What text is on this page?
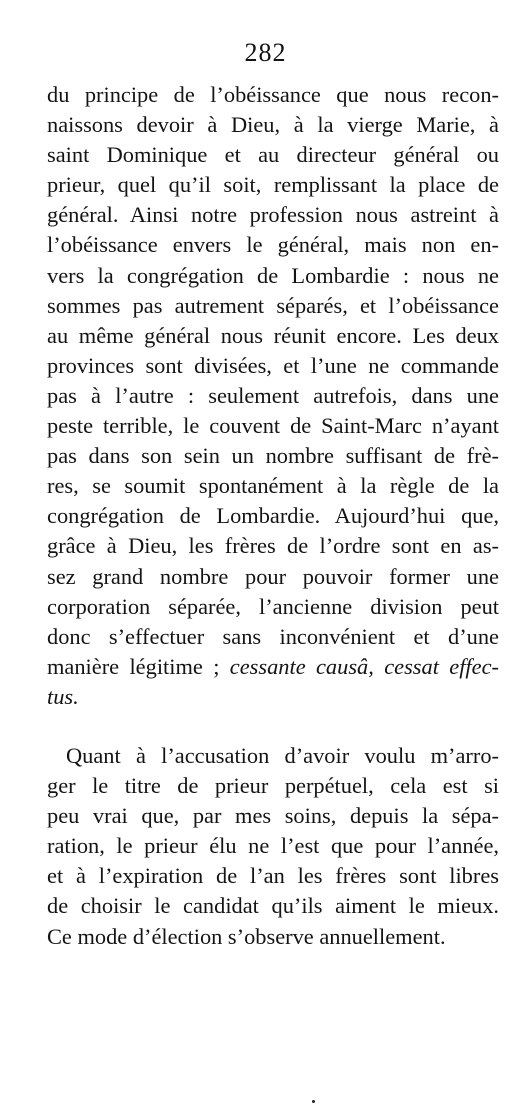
282
du principe de l’obéissance que nous recon-
naissons devoir à Dieu, à la vierge Marie, à
saint Dominique et au directeur général ou
prieur, quel qu’il soit, remplissant la place de
général. Ainsi notre profession nous astreint à
l’obéissance envers le général, mais non en-
vers la congrégation de Lombardie : nous ne
sommes pas autrement séparés, et l’obéissance
au même général nous réunit encore. Les deux
provinces sont divisées, et l’une ne commande
pas à l’autre : seulement autrefois, dans une
peste terrible, le couvent de Saint-Marc n’ayant
pas dans son sein un nombre suffisant de frè-
res, se soumit spontanément à la règle de la
congrégation de Lombardie. Aujourd’hui que,
grâce à Dieu, les frères de l’ordre sont en as-
sez grand nombre pour pouvoir former une
corporation séparée, l’ancienne division peut
donc s’effectuer sans inconvénient et d’une
manière légitime ; cessante causâ, cessat effec-
tus.
Quant à l’accusation d’avoir voulu m’arro-
ger le titre de prieur perpétuel, cela est si
peu vrai que, par mes soins, depuis la sépa-
ration, le prieur élu ne l’est que pour l’année,
et à l’expiration de l’an les frères sont libres
de choisir le candidat qu’ils aiment le mieux.
Ce mode d’élection s’observe annuellement.
